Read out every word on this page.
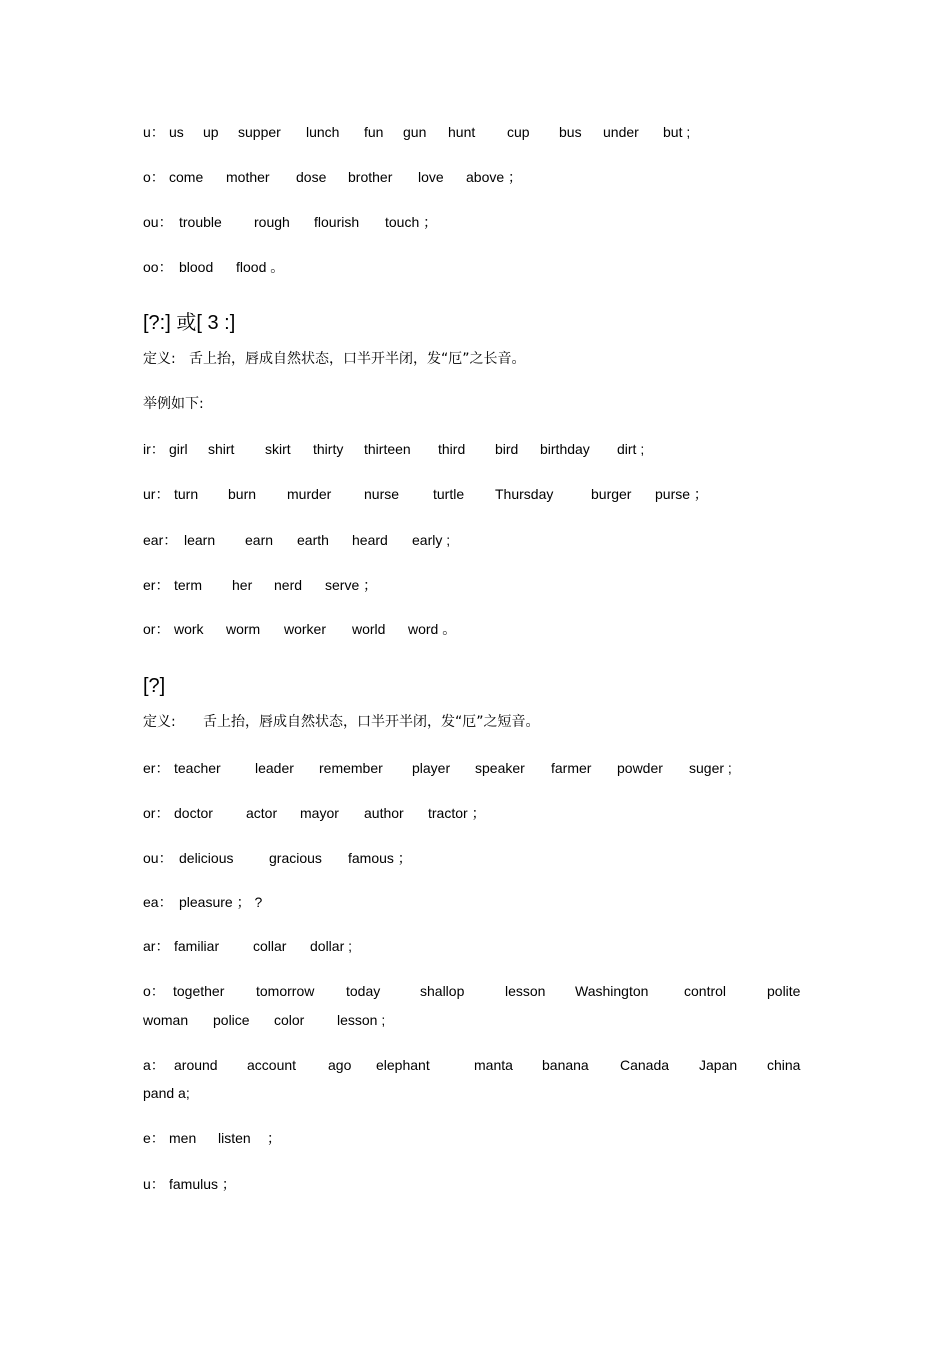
u： us up supper lunch fun gun hunt cup bus under but ;
o： come mother dose brother love above ；
ou： trouble rough flourish touch ；
oo： blood flood 。
[?:] 或[ 3 :]
定义: 舌上抬，唇成自然状态，口半开半闭，发“厄”之长音。
举例如下:
ir： girl shirt skirt thirty thirteen third bird birthday dirt ;
ur： turn burn murder nurse turtle Thursday	burger purse ；
ear： learn earn earth heard early ;
er： term her nerd serve ；
or： work worm worker world word 。
[?]
定义: 舌上抬，唇成自然状态，口半开半闭，发“厄”之短音。
er： teacher leader remember player speaker farmer powder suger ;
or： doctor actor mayor author tractor ；
ou： delicious	gracious famous ；
ea： pleasure ； ?
ar： familiar collar dollar ;
o： together tomorrow today	shallop	lesson Washington	control	polite
woman police color lesson ;
a： around account ago elephant	manta banana Canada Japan china
pand a;
e： men listen ；
u： famulus ；
